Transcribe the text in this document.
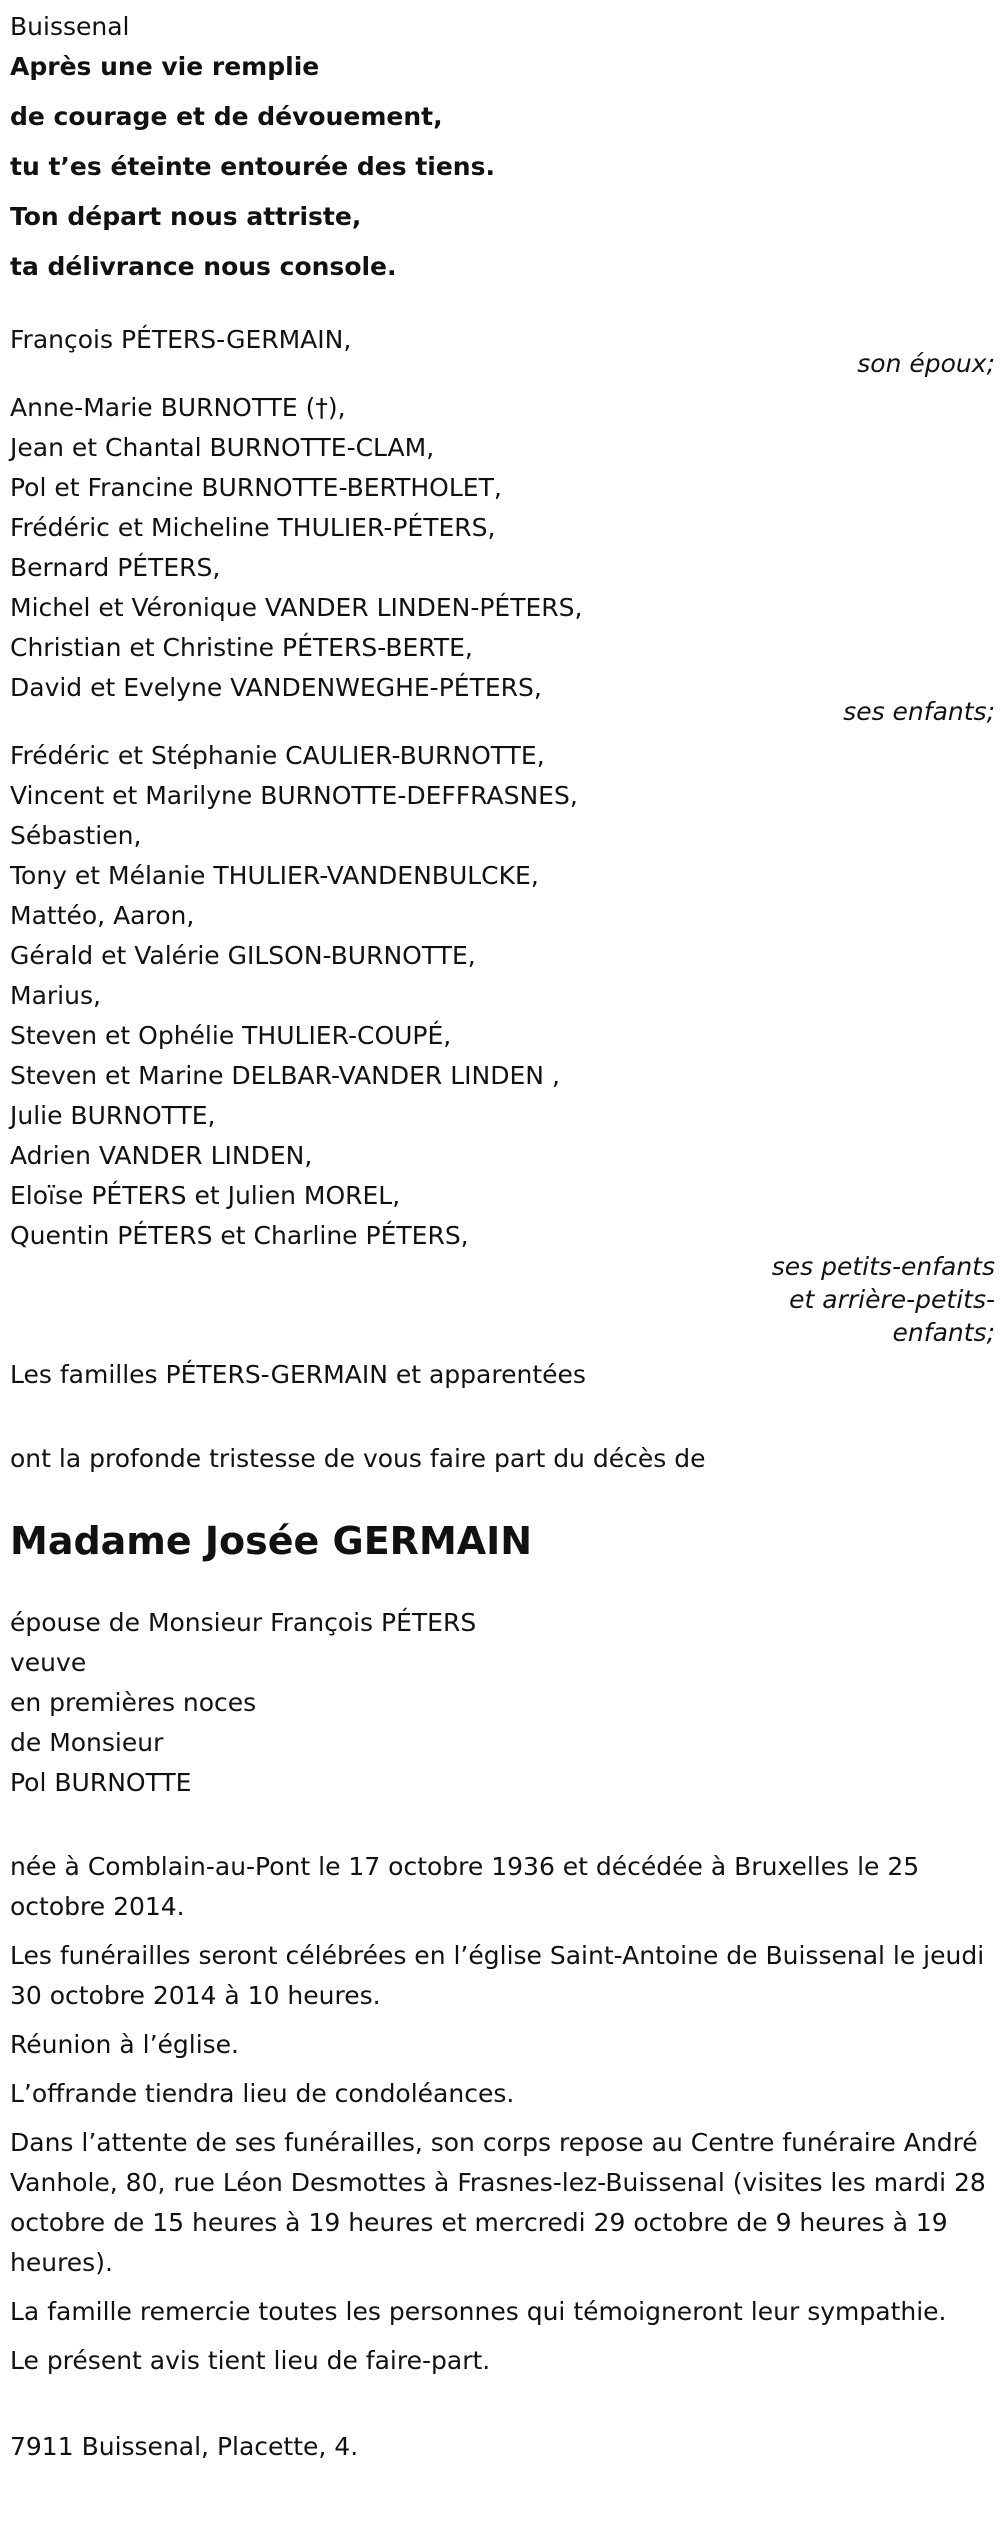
Buissenal
Après une vie remplie
de courage et de dévouement,
tu t’es éteinte entourée des tiens.
Ton départ nous attriste,
ta délivrance nous console.
François PÉTERS-GERMAIN,
son époux;
Anne-Marie BURNOTTE (†),
Jean et Chantal BURNOTTE-CLAM,
Pol et Francine BURNOTTE-BERTHOLET,
Frédéric et Micheline THULIER-PÉTERS,
Bernard PÉTERS,
Michel et Véronique VANDER LINDEN-PÉTERS,
Christian et Christine PÉTERS-BERTE,
David et Evelyne VANDENWEGHE-PÉTERS,
ses enfants;
Frédéric et Stéphanie CAULIER-BURNOTTE,
Vincent et Marilyne BURNOTTE-DEFFRASNES,
Sébastien,
Tony et Mélanie THULIER-VANDENBULCKE,
Mattéo, Aaron,
Gérald et Valérie GILSON-BURNOTTE,
Marius,
Steven et Ophélie THULIER-COUPÉ,
Steven et Marine DELBAR-VANDER LINDEN ,
Julie BURNOTTE,
Adrien VANDER LINDEN,
Eloïse PÉTERS et Julien MOREL,
Quentin PÉTERS et Charline PÉTERS,
ses petits-enfants
et arrière-petits-
enfants;
Les familles PÉTERS-GERMAIN et apparentées
ont la profonde tristesse de vous faire part du décès de
Madame Josée GERMAIN
épouse de Monsieur François PÉTERS
veuve
en premières noces
de Monsieur
Pol BURNOTTE

née à Comblain-au-Pont le 17 octobre 1936 et décédée à Bruxelles le 25 octobre 2014.

Les funérailles seront célébrées en l’église Saint-Antoine de Buissenal le jeudi 30 octobre 2014 à 10 heures.

Réunion à l’église.

L’offrande tiendra lieu de condoléances.

Dans l’attente de ses funérailles, son corps repose au Centre funéraire André Vanhole, 80, rue Léon Desmottes à Frasnes-lez-Buissenal (visites les mardi 28 octobre de 15 heures à 19 heures et mercredi 29 octobre de 9 heures à 19 heures).

La famille remercie toutes les personnes qui témoigneront leur sympathie.

Le présent avis tient lieu de faire-part.

7911 Buissenal, Placette, 4.
